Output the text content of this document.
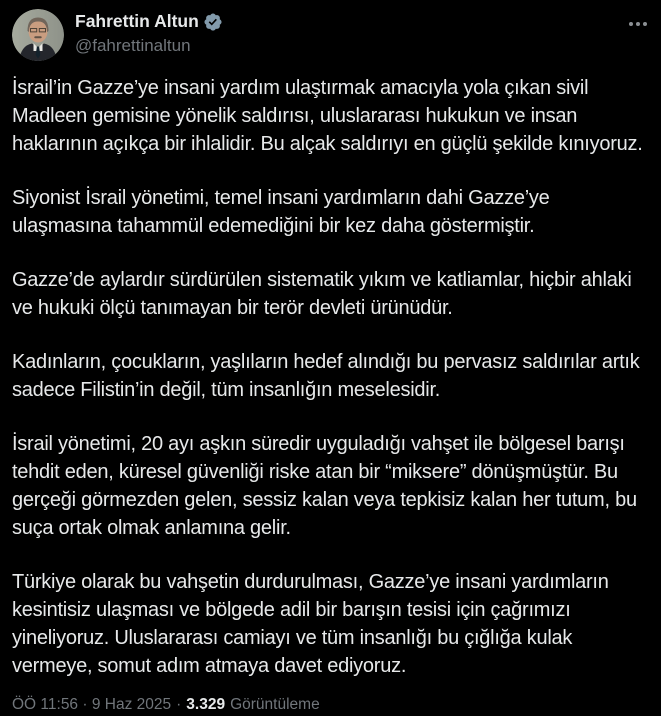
Fahrettin Altun
@fahrettinaltun

İsrail’in Gazze’ye insani yardım ulaştırmak amacıyla yola çıkan sivil Madleen gemisine yönelik saldırısı, uluslararası hukukun ve insan haklarının açıkça bir ihlalidir. Bu alçak saldırıyı en güçlü şekilde kınıyoruz.

Siyonist İsrail yönetimi, temel insani yardımların dahi Gazze’ye ulaşmasına tahammül edemediğini bir kez daha göstermiştir.

Gazze’de aylardır sürdürülen sistematik yıkım ve katliamlar, hiçbir ahlaki ve hukuki ölçü tanımayan bir terör devleti ürünüdür.

Kadınların, çocukların, yaşlıların hedef alındığı bu pervasız saldırılar artık sadece Filistin’in değil, tüm insanlığın meselesidir.

İsrail yönetimi, 20 ayı aşkın süredir uyguladığı vahşet ile bölgesel barışı tehdit eden, küresel güvenliği riske atan bir “miksere” dönüşmüştür. Bu gerçeği görmezden gelen, sessiz kalan veya tepkisiz kalan her tutum, bu suça ortak olmak anlamına gelir.

Türkiye olarak bu vahşetin durdurulması, Gazze’ye insani yardımların kesintisiz ulaşması ve bölgede adil bir barışın tesisi için çağrımızı yineliyoruz. Uluslararası camiayı ve tüm insanlığı bu çığlığa kulak vermeye, somut adım atmaya davet ediyoruz.

ÖÖ 11:56 · 9 Haz 2025 · 3.329 Görüntüleme
